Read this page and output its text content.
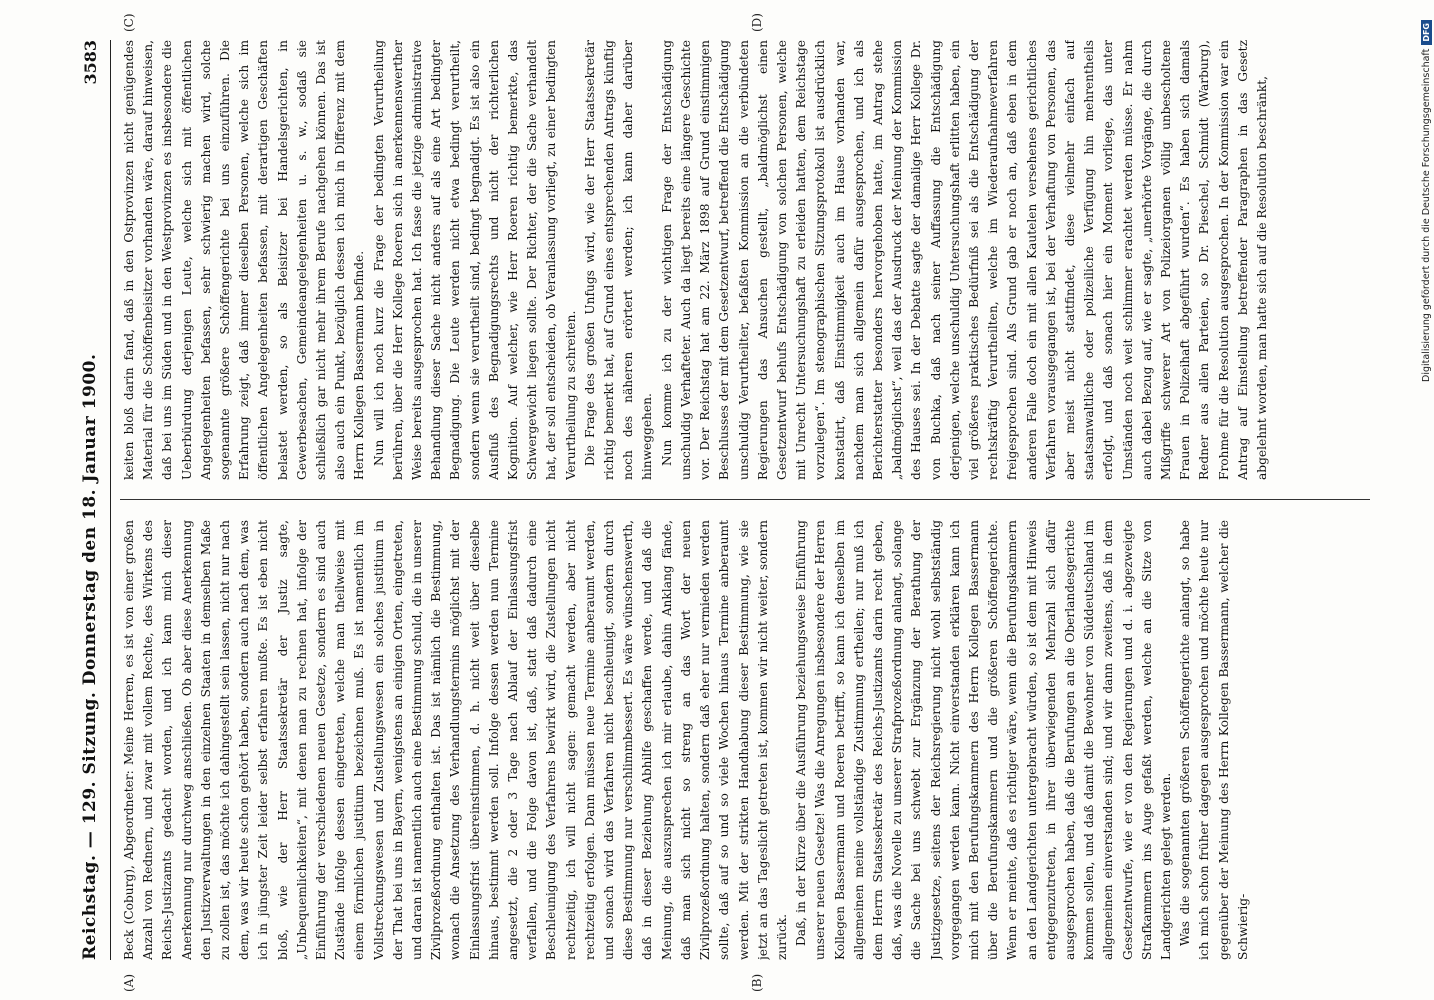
Reichstag. — 129. Sitzung. Donnerstag den 18. Januar 1900.
3583
(A)	(B)
(C)	(D)

Beck (Coburg), Abgeordneter: Meine Herren, es ist von einer großen Anzahl von Rednern, und zwar mit vollem Rechte, des Wirkens des Reichs-Justizamts gedacht worden, und ich kann mich dieser Anerkennung nur durchweg anschließen. Ob aber diese Anerkennung den Justizverwaltungen in den einzelnen Staaten in demselben Maße zu zollen ist, das möchte ich dahingestellt sein lassen, nicht nur nach dem, was wir heute schon gehört haben, sondern auch nach dem, was ich in jüngster Zeit leider selbst erfahren mußte. Es ist eben nicht bloß, wie der Herr Staatssekretär der Justiz sagte, „Unbequemlichkeiten“, mit denen man zu rechnen hat, infolge der Einführung der verschiedenen neuen Gesetze, sondern es sind auch Zustände infolge dessen eingetreten, welche man theilweise mit einem förmlichen justitium bezeichnen muß. Es ist namentlich im Vollstreckungswesen und Zustellungswesen ein solches justitium in der That bei uns in Bayern, wenigstens an einigen Orten, eingetreten, und daran ist namentlich auch eine Bestimmung schuld, die in unserer Zivilprozeßordnung enthalten ist. Das ist nämlich die Bestimmung, wonach die Ansetzung des Verhandlungstermins möglichst mit der Einlassungsfrist übereinstimmen, d. h. nicht weit über dieselbe hinaus, bestimmt werden soll. Infolge dessen werden nun Termine angesetzt, die 2 oder 3 Tage nach Ablauf der Einlassungsfrist verfallen, und die Folge davon ist, daß, statt daß dadurch eine Beschleunigung des Verfahrens bewirkt wird, die Zustellungen nicht rechtzeitig, ich will nicht sagen: gemacht werden, aber nicht rechtzeitig erfolgen. Dann müssen neue Termine anberaumt werden, und sonach wird das Verfahren nicht beschleunigt, sondern durch diese Bestimmung nur verschlimmbessert. Es wäre wünschenswerth, daß in dieser Beziehung Abhilfe geschaffen werde, und daß die Meinung, die auszusprechen ich mir erlaube, dahin Anklang fände, daß man sich nicht so streng an das Wort der neuen Zivilprozeßordnung halten, sondern daß eher nur vermieden werden sollte, daß auf so und so viele Wochen hinaus Termine anberaumt werden. Mit der strikten Handhabung dieser Bestimmung, wie sie jetzt an das Tageslicht getreten ist, kommen wir nicht weiter, sondern zurück. Daß, in der Kürze über die Ausführung beziehungsweise Einführung unserer neuen Gesetze! Was die Anregungen insbesondere der Herren Kollegen Bassermann und Roeren betrifft, so kann ich denselben im allgemeinen meine vollständige Zustimmung ertheilen; nur muß ich dem Herrn Staatssekretär des Reichs-Justizamts darin recht geben, daß, was die Novelle zu unserer Strafprozeßordnung anlangt, solange die Sache bei uns schwebt zur Ergänzung der Berathung der Justizgesetze, seitens der Reichsregierung nicht wohl selbstständig vorgegangen werden kann. Nicht einverstanden erklären kann ich mich mit den Berufungskammern des Herrn Kollegen Bassermann über die Berufungskammern und die größeren Schöffengerichte. Wenn er meinte, daß es richtiger wäre, wenn die Berufungskammern an den Landgerichten untergebracht würden, so ist dem mit Hinweis entgegenzutreten, in ihrer überwiegenden Mehrzahl sich dafür ausgesprochen haben, daß die Berufungen an die Oberlandesgerichte kommen sollen, und daß damit die Bewohner von Süddeutschland im allgemeinen einverstanden sind; und wir dann zweitens, daß in dem Gesetzentwurfe, wie er von den Regierungen und d. i. abgezweigte Strafkammern ins Auge gefaßt werden, welche an die Sitze von Landgerichten gelegt werden. Was die sogenannten größeren Schöffengerichte anlangt, so habe ich mich schon früher dagegen ausgesprochen und möchte heute nur gegenüber der Meinung des Herrn Kollegen Bassermann, welcher die Schwierig-

keiten bloß darin fand, daß in den Ostprovinzen nicht genügendes Material für die Schöffenbeisitzer vorhanden wäre, darauf hinweisen, daß bei uns im Süden und in den Westprovinzen es insbesondere die Ueberbürdung derjenigen Leute, welche sich mit öffentlichen Angelegenheiten befassen, sehr schwierig machen wird, solche sogenannte größere Schöffengerichte bei uns einzuführen. Die Erfahrung zeigt, daß immer dieselben Personen, welche sich im öffentlichen Angelegenheiten befassen, mit derartigen Geschäften belastet werden, so als Beisitzer bei Handelsgerichten, in Gewerbesachen, Gemeindeangelegenheiten u. s. w., sodaß sie schließlich gar nicht mehr ihrem Berufe nachgehen können. Das ist also auch ein Punkt, bezüglich dessen ich mich in Differenz mit dem Herrn Kollegen Bassermann befinde. Nun will ich noch kurz die Frage der bedingten Verurtheilung berühren, über die Herr Kollege Roeren sich in anerkennenswerther Weise bereits ausgesprochen hat. Ich fasse die jetzige administrative Behandlung dieser Sache nicht anders auf als eine Art bedingter Begnadigung. Die Leute werden nicht etwa bedingt verurtheilt, sondern wenn sie verurtheilt sind, bedingt begnadigt. Es ist also ein Ausfluß des Begnadigungsrechts und nicht der richterlichen Kognition. Auf welcher, wie Herr Roeren richtig bemerkte, das Schwergewicht liegen sollte. Der Richter, der die Sache verhandelt hat, der soll entscheiden, ob Veranlassung vorliegt, zu einer bedingten Verurtheilung zu schreiten. Die Frage des großen Unfugs wird, wie der Herr Staatssekretär richtig bemerkt hat, auf Grund eines entsprechenden Antrags künftig noch des näheren erörtert werden; ich kann daher darüber hinweggehen. Nun komme ich zu der wichtigen Frage der Entschädigung unschuldig Verhafteter. Auch da liegt bereits eine längere Geschichte vor. Der Reichstag hat am 22. März 1898 auf Grund einstimmigen Beschlusses der mit dem Gesetzentwurf, betreffend die Entschädigung unschuldig Verurtheilter, befaßten Kommission an die verbündeten Regierungen das Ansuchen gestellt, „baldmöglichst einen Gesetzentwurf behufs Entschädigung von solchen Personen, welche mit Unrecht Untersuchungshaft zu erleiden hatten, dem Reichstage vorzulegen“. Im stenographischen Sitzungsprotokoll ist ausdrücklich konstatirt, daß Einstimmigkeit auch im Hause vorhanden war, nachdem man sich allgemein dafür ausgesprochen, und ich als Berichterstatter besonders hervorgehoben hatte, im Antrag stehe „baldmöglichst“, weil das der Ausdruck der Meinung der Kommission des Hauses sei. In der Debatte sagte der damalige Herr Kollege Dr. von Buchka, daß nach seiner Auffassung die Entschädigung derjenigen, welche unschuldig Untersuchungshaft erlitten haben, ein viel größeres praktisches Bedürfniß sei als die Entschädigung der rechtskräftig Verurtheilten, welche im Wiederaufnahmeverfahren freigesprochen sind. Als Grund gab er noch an, daß eben in dem anderen Falle doch ein mit allen Kautelen versehenes gerichtliches Verfahren vorausgegangen ist, bei der Verhaftung von Personen, das aber meist nicht stattfindet, diese vielmehr einfach auf staatsanwaltliche oder polizeiliche Verfügung hin mehrentheils erfolgt, und daß sonach hier ein Moment vorliege, das unter Umständen noch weit schlimmer erachtet werden müsse. Er nahm auch dabei Bezug auf, wie er sagte, „unerhörte Vorgänge, die durch Mißgriffe schwerer Art von Polizeiorganen völlig unbescholtene Frauen in Polizeihaft abgeführt wurden“. Es haben sich damals Redner aus allen Parteien, so Dr. Pieschel, Schmidt (Warburg), Frohme für die Resolution ausgesprochen. In der Kommission war ein Antrag auf Einstellung betreffender Paragraphen in das Gesetz abgelehnt worden, man hatte sich auf die Resolution beschränkt,	Digitalisierung gefördert durch die Deutsche Forschungsgemeinschaft
DFG
